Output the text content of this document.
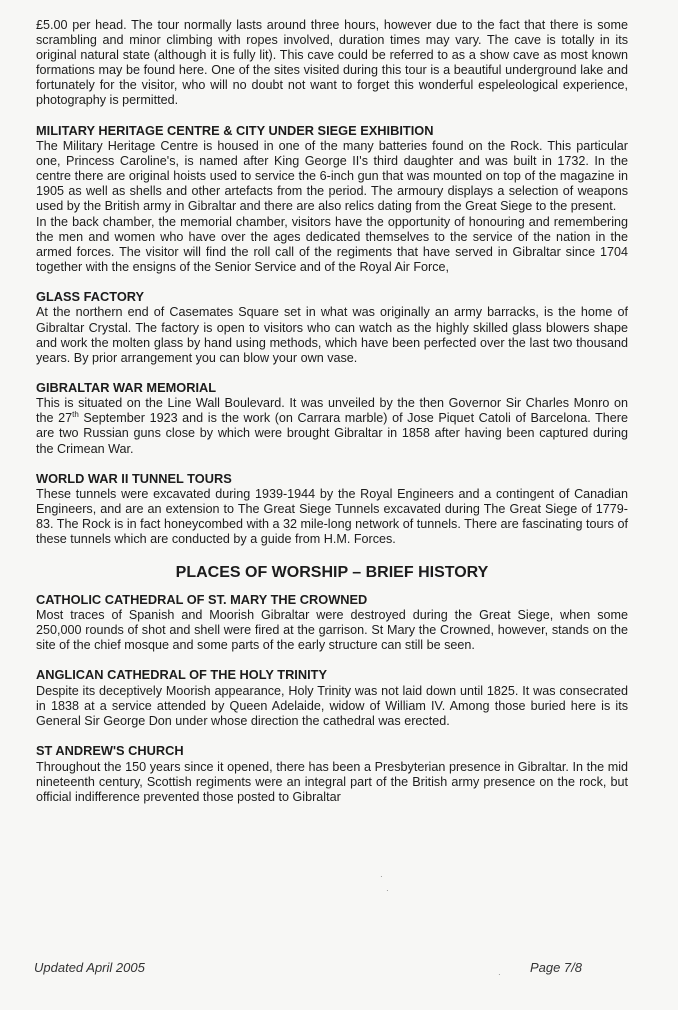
£5.00 per head. The tour normally lasts around three hours, however due to the fact that there is some scrambling and minor climbing with ropes involved, duration times may vary. The cave is totally in its original natural state (although it is fully lit). This cave could be referred to as a show cave as most known formations may be found here. One of the sites visited during this tour is a beautiful underground lake and fortunately for the visitor, who will no doubt not want to forget this wonderful espeleological experience, photography is permitted.

MILITARY HERITAGE CENTRE & CITY UNDER SIEGE EXHIBITION

The Military Heritage Centre is housed in one of the many batteries found on the Rock. This particular one, Princess Caroline's, is named after King George II's third daughter and was built in 1732. In the centre there are original hoists used to service the 6-inch gun that was mounted on top of the magazine in 1905 as well as shells and other artefacts from the period. The armoury displays a selection of weapons used by the British army in Gibraltar and there are also relics dating from the Great Siege to the present.

In the back chamber, the memorial chamber, visitors have the opportunity of honouring and remembering the men and women who have over the ages dedicated themselves to the service of the nation in the armed forces. The visitor will find the roll call of the regiments that have served in Gibraltar since 1704 together with the ensigns of the Senior Service and of the Royal Air Force,

GLASS FACTORY

At the northern end of Casemates Square set in what was originally an army barracks, is the home of Gibraltar Crystal. The factory is open to visitors who can watch as the highly skilled glass blowers shape and work the molten glass by hand using methods, which have been perfected over the last two thousand years. By prior arrangement you can blow your own vase.

GIBRALTAR WAR MEMORIAL

This is situated on the Line Wall Boulevard. It was unveiled by the then Governor Sir Charles Monro on the 27th September 1923 and is the work (on Carrara marble) of Jose Piquet Catoli of Barcelona. There are two Russian guns close by which were brought Gibraltar in 1858 after having been captured during the Crimean War.

WORLD WAR II TUNNEL TOURS

These tunnels were excavated during 1939-1944 by the Royal Engineers and a contingent of Canadian Engineers, and are an extension to The Great Siege Tunnels excavated during The Great Siege of 1779-83. The Rock is in fact honeycombed with a 32 mile-long network of tunnels. There are fascinating tours of these tunnels which are conducted by a guide from H.M. Forces.

PLACES OF WORSHIP – BRIEF HISTORY

CATHOLIC CATHEDRAL OF ST. MARY THE CROWNED

Most traces of Spanish and Moorish Gibraltar were destroyed during the Great Siege, when some 250,000 rounds of shot and shell were fired at the garrison. St Mary the Crowned, however, stands on the site of the chief mosque and some parts of the early structure can still be seen.

ANGLICAN CATHEDRAL OF THE HOLY TRINITY

Despite its deceptively Moorish appearance, Holy Trinity was not laid down until 1825. It was consecrated in 1838 at a service attended by Queen Adelaide, widow of William IV. Among those buried here is its General Sir George Don under whose direction the cathedral was erected.

ST ANDREW'S CHURCH

Throughout the 150 years since it opened, there has been a Presbyterian presence in Gibraltar. In the mid nineteenth century, Scottish regiments were an integral part of the British army presence on the rock, but official indifference prevented those posted to Gibraltar

·
·
·
Updated April 2005	Page 7/8
